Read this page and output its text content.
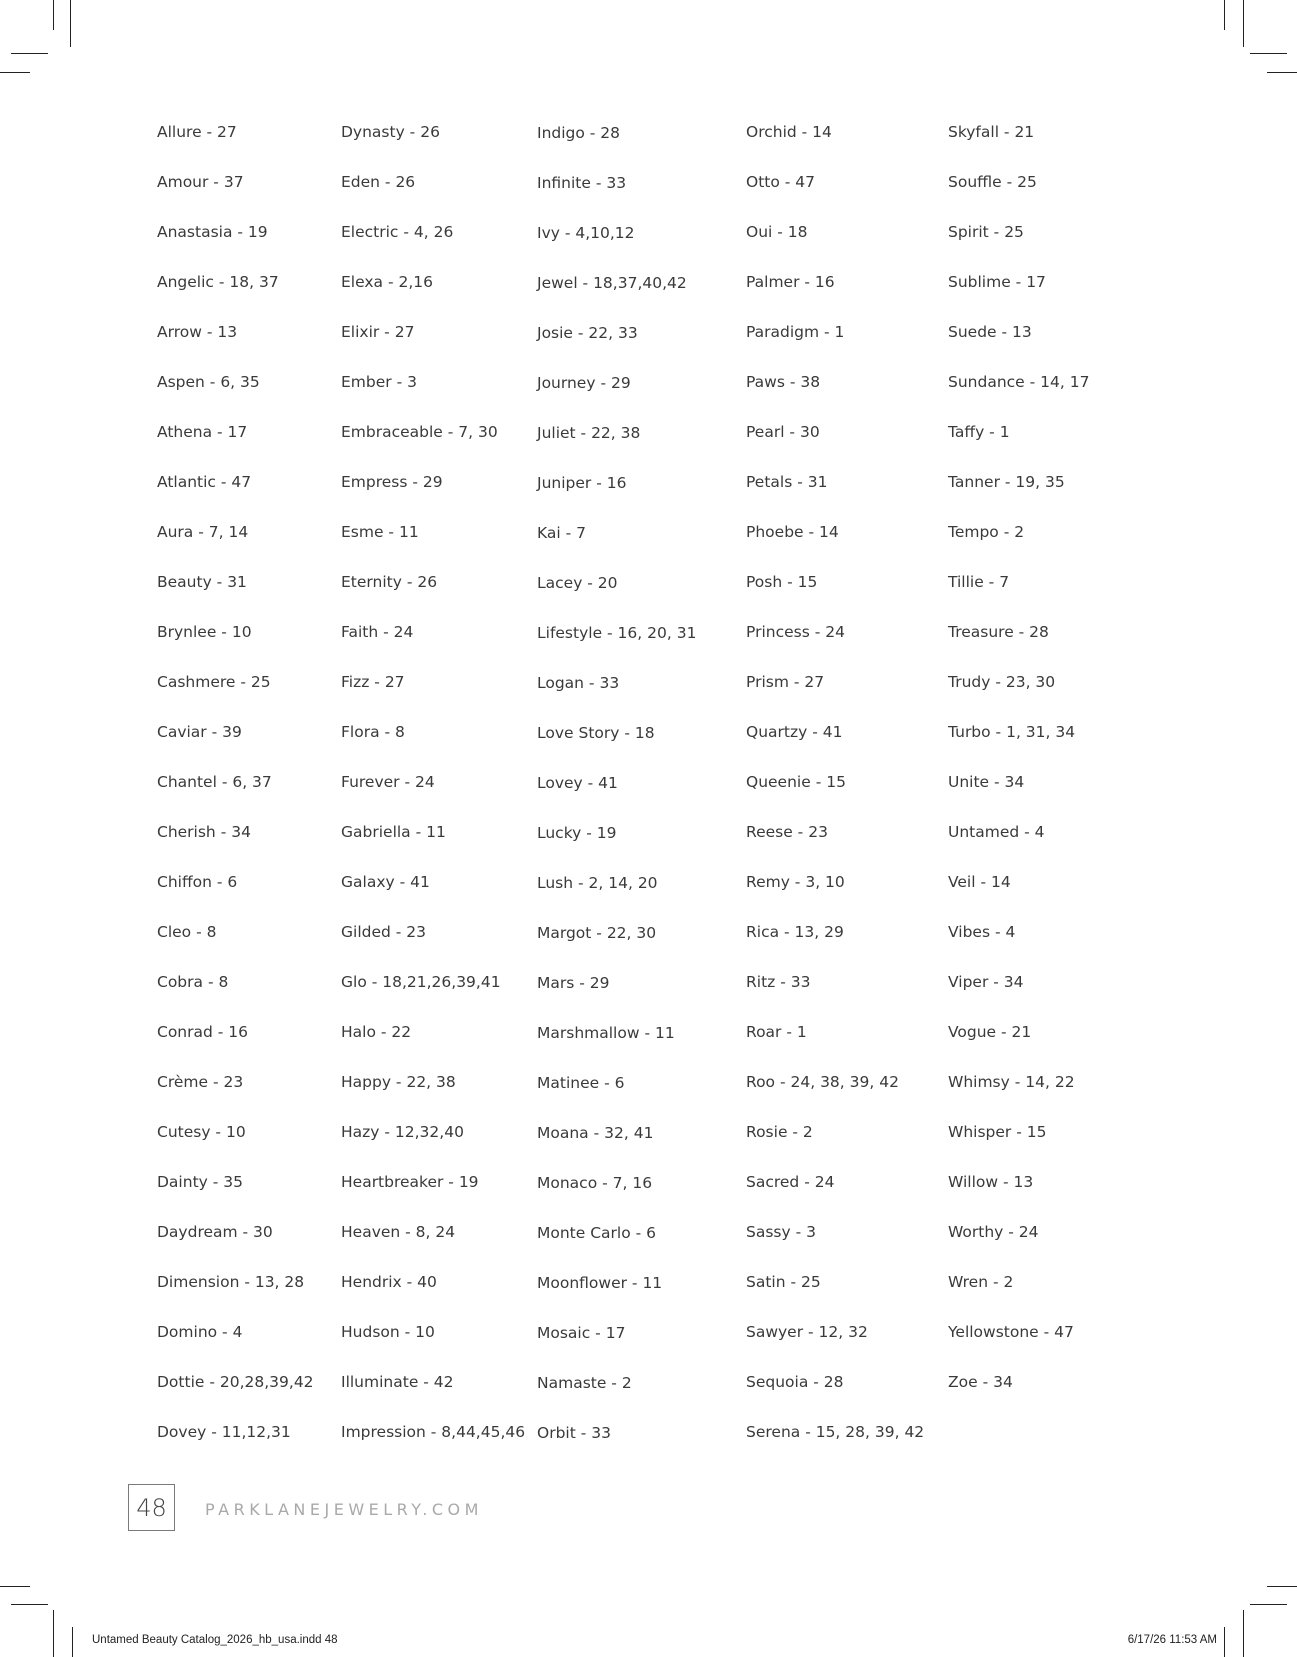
Allure - 27
Amour - 37
Anastasia - 19
Angelic - 18, 37
Arrow - 13
Aspen - 6, 35
Athena - 17
Atlantic - 47
Aura - 7, 14
Beauty - 31
Brynlee - 10
Cashmere - 25
Caviar - 39
Chantel - 6, 37
Cherish - 34
Chiffon - 6
Cleo - 8
Cobra - 8
Conrad - 16
Crème - 23
Cutesy - 10
Dainty - 35
Daydream - 30
Dimension - 13, 28
Domino - 4
Dottie - 20,28,39,42
Dovey - 11,12,31
Dynasty - 26
Eden - 26
Electric - 4, 26
Elexa - 2,16
Elixir - 27
Ember - 3
Embraceable - 7, 30
Empress - 29
Esme - 11
Eternity - 26
Faith - 24
Fizz - 27
Flora - 8
Furever - 24
Gabriella - 11
Galaxy - 41
Gilded - 23
Glo - 18,21,26,39,41
Halo - 22
Happy - 22, 38
Hazy - 12,32,40
Heartbreaker - 19
Heaven - 8, 24
Hendrix - 40
Hudson - 10
Illuminate - 42
Impression - 8,44,45,46
Indigo - 28
Infinite - 33
Ivy - 4,10,12
Jewel - 18,37,40,42
Josie - 22, 33
Journey - 29
Juliet - 22, 38
Juniper - 16
Kai - 7
Lacey - 20
Lifestyle - 16, 20, 31
Logan - 33
Love Story - 18
Lovey - 41
Lucky - 19
Lush - 2, 14, 20
Margot - 22, 30
Mars - 29
Marshmallow - 11
Matinee - 6
Moana - 32, 41
Monaco - 7, 16
Monte Carlo - 6
Moonflower - 11
Mosaic - 17
Namaste - 2
Orbit - 33
Orchid - 14
Otto - 47
Oui - 18
Palmer - 16
Paradigm - 1
Paws - 38
Pearl - 30
Petals - 31
Phoebe - 14
Posh - 15
Princess - 24
Prism - 27
Quartzy - 41
Queenie - 15
Reese - 23
Remy - 3, 10
Rica - 13, 29
Ritz - 33
Roar - 1
Roo - 24, 38, 39, 42
Rosie - 2
Sacred - 24
Sassy - 3
Satin - 25
Sawyer - 12, 32
Sequoia - 28
Serena - 15, 28, 39, 42
Skyfall - 21
Souffle - 25
Spirit - 25
Sublime - 17
Suede - 13
Sundance - 14, 17
Taffy - 1
Tanner - 19, 35
Tempo - 2
Tillie - 7
Treasure - 28
Trudy - 23, 30
Turbo - 1, 31, 34
Unite - 34
Untamed - 4
Veil - 14
Vibes - 4
Viper - 34
Vogue - 21
Whimsy - 14, 22
Whisper - 15
Willow - 13
Worthy - 24
Wren - 2
Yellowstone - 47
Zoe - 34
48	PARKLANEJEWELRY.COM
Untamed Beauty Catalog_2026_hb_usa.indd 48	6/17/26 11:53 AM
